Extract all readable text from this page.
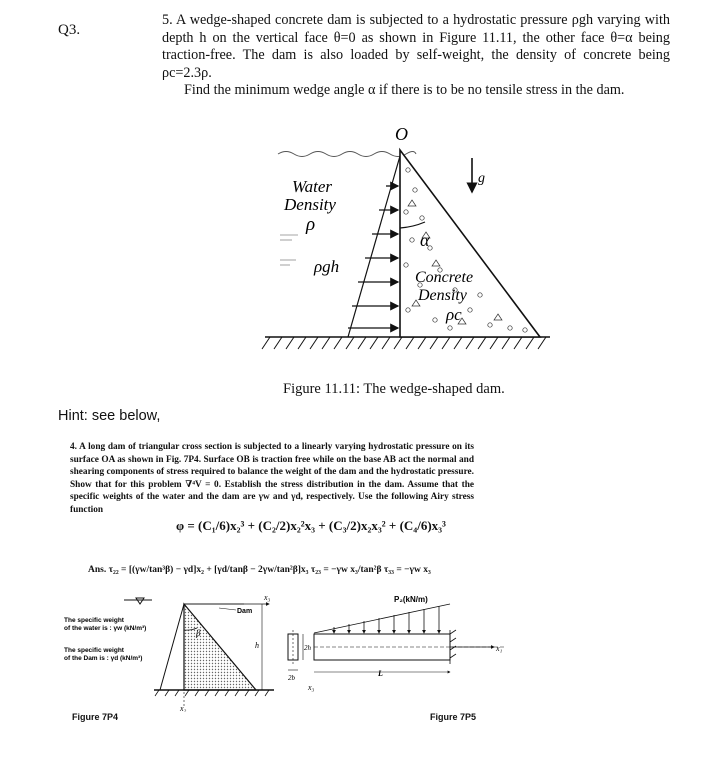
Q3.

5. A wedge-shaped concrete dam is subjected to a hydrostatic pressure ρgh varying with depth h on the vertical face θ=0 as shown in Figure 11.11, the other face θ=α being traction-free. The dam is also loaded by self-weight, the density of concrete being ρc=2.3ρ.

Find the minimum wedge angle α if there is to be no tensile stress in the dam.

O
g
Water
Density
ρ
ρgh
α
Concrete
Density
ρc
Figure 11.11: The wedge-shaped dam.
Hint: see below,

4. A long dam of triangular cross section is subjected to a linearly varying hydrostatic pressure on its surface OA as shown in Fig. 7P4. Surface OB is traction free while on the base AB act the normal and shearing components of stress required to balance the weight of the dam and the hydrostatic pressure. Show that for this problem ∇⁴V = 0. Establish the stress distribution in the dam. Assume that the specific weights of the water and the dam are γw and γd, respectively. Use the following Airy stress function

φ = (C₁/6)x₂³ + (C₂/2)x₂²x₃ + (C₃/2)x₂x₃² + (C₄/6)x₃³
Ans. τ₂₂ = [(γw/tan³β) − γd]x₂ + [γd/tanβ − 2γw/tan²β]x₃ τ₂₃ = −γw x₃/tan²β τ₃₃ = −γw x₃
Dam
β
h
x₃
x₂
The specific weight
of the water is : γw (kN/m³)
The specific weight
of the Dam is : γd (kN/m³)
L
2h
2b
P₂(kN/m)
x₁
x₃
Figure 7P4	Figure 7P5
